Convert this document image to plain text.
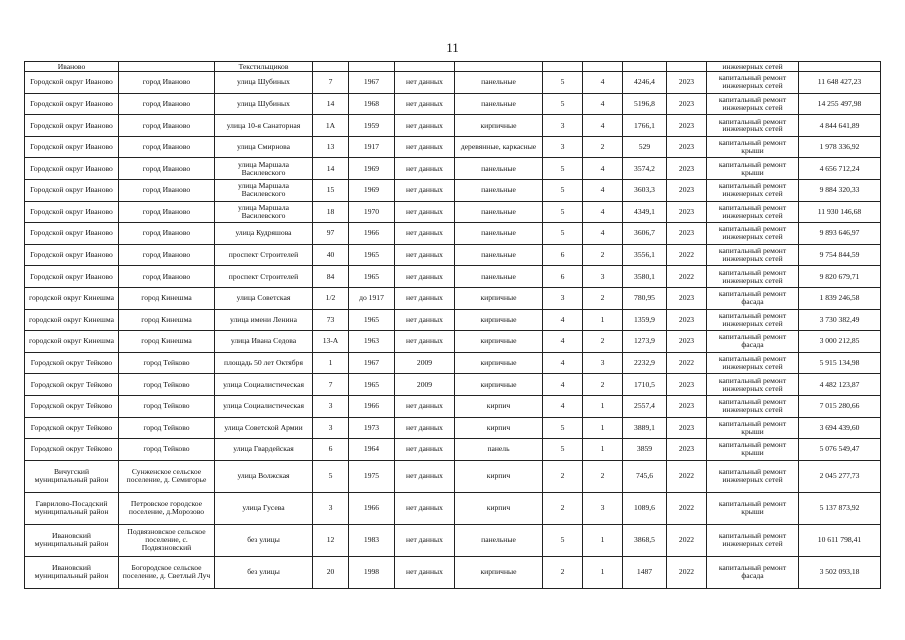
11
Иваново		Текстильщиков									инженерных сетей	
Городской округ Иваново	город Иваново	улица Шубиных	7	1967	нет данных	панельные	5	4	4246,4	2023	капитальный ремонт инженерных сетей	11 648 427,23
Городской округ Иваново	город Иваново	улица Шубиных	14	1968	нет данных	панельные	5	4	5196,8	2023	капитальный ремонт инженерных сетей	14 255 497,98
Городской округ Иваново	город Иваново	улица 10-я Санаторная	1А	1959	нет данных	кирпичные	3	4	1766,1	2023	капитальный ремонт инженерных сетей	4 844 641,89
Городской округ Иваново	город Иваново	улица Смирнова	13	1917	нет данных	деревянные, каркасные	3	2	529	2023	капитальный ремонт крыши	1 978 336,92
Городской округ Иваново	город Иваново	улица Маршала Василевского	14	1969	нет данных	панельные	5	4	3574,2	2023	капитальный ремонт крыши	4 656 712,24
Городской округ Иваново	город Иваново	улица Маршала Василевского	15	1969	нет данных	панельные	5	4	3603,3	2023	капитальный ремонт инженерных сетей	9 884 320,33
Городской округ Иваново	город Иваново	улица Маршала Василевского	18	1970	нет данных	панельные	5	4	4349,1	2023	капитальный ремонт инженерных сетей	11 930 146,68
Городской округ Иваново	город Иваново	улица Кудряшова	97	1966	нет данных	панельные	5	4	3606,7	2023	капитальный ремонт инженерных сетей	9 893 646,97
Городской округ Иваново	город Иваново	проспект Строителей	40	1965	нет данных	панельные	6	2	3556,1	2022	капитальный ремонт инженерных сетей	9 754 844,59
Городской округ Иваново	город Иваново	проспект Строителей	84	1965	нет данных	панельные	6	3	3580,1	2022	капитальный ремонт инженерных сетей	9 820 679,71
городской округ Кинешма	город Кинешма	улица Советская	1/2	до 1917	нет данных	кирпичные	3	2	780,95	2023	капитальный ремонт фасада	1 839 246,58
городской округ Кинешма	город Кинешма	улица имени Ленина	73	1965	нет данных	кирпичные	4	1	1359,9	2023	капитальный ремонт инженерных сетей	3 730 382,49
городской округ Кинешма	город Кинешма	улица Ивана Седова	13-А	1963	нет данных	кирпичные	4	2	1273,9	2023	капитальный ремонт фасада	3 000 212,85
Городской округ Тейково	город Тейково	площадь 50 лет Октября	1	1967	2009	кирпичные	4	3	2232,9	2022	капитальный ремонт инженерных сетей	5 915 134,98
Городской округ Тейково	город Тейково	улица Социалистическая	7	1965	2009	кирпичные	4	2	1710,5	2023	капитальный ремонт инженерных сетей	4 482 123,87
Городской округ Тейково	город Тейково	улица Социалистическая	3	1966	нет данных	кирпич	4	1	2557,4	2023	капитальный ремонт инженерных сетей	7 015 280,66
Городской округ Тейково	город Тейково	улица Советской Армии	3	1973	нет данных	кирпич	5	1	3889,1	2023	капитальный ремонт крыши	3 694 439,60
Городской округ Тейково	город Тейково	улица Гвардейская	6	1964	нет данных	панель	5	1	3859	2023	капитальный ремонт крыши	5 076 549,47
Вичугский муниципальный район	Сунженское сельское поселение, д. Семигорье	улица Волжская	5	1975	нет данных	кирпич	2	2	745,6	2022	капитальный ремонт инженерных сетей	2 045 277,73
Гаврилово-Посадский муниципальный район	Петровское городское поселение, д.Морозово	улица Гусева	3	1966	нет данных	кирпич	2	3	1089,6	2022	капитальный ремонт крыши	5 137 873,92
Ивановский муниципальный район	Подвязновское сельское поселение, с. Подвязновский	без улицы	12	1983	нет данных	панельные	5	1	3868,5	2022	капитальный ремонт инженерных сетей	10 611 798,41
Ивановский муниципальный район	Богородское сельское поселение, д. Светлый Луч	без улицы	20	1998	нет данных	кирпичные	2	1	1487	2022	капитальный ремонт фасада	3 502 093,18
